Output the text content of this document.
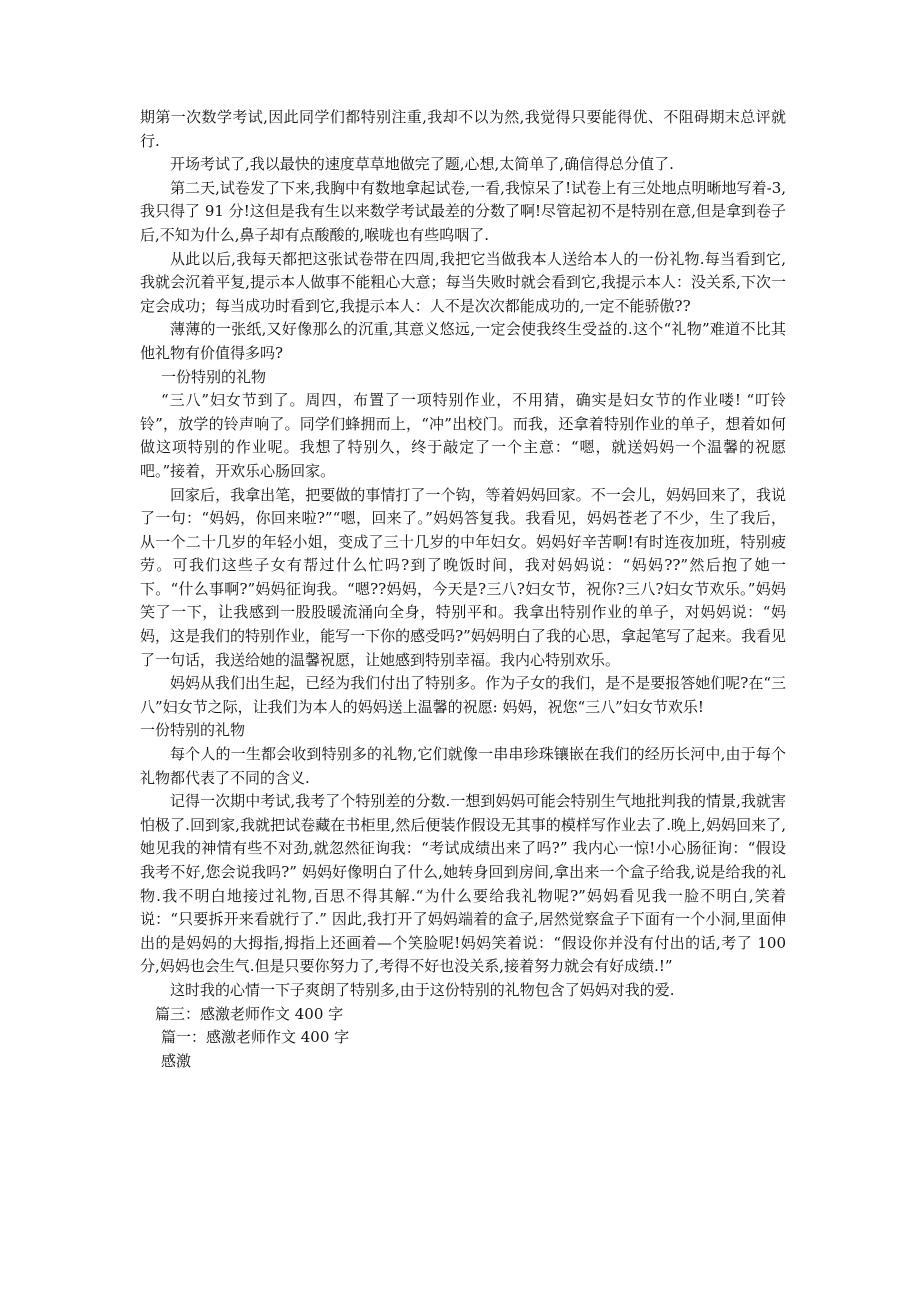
期第一次数学考试,因此同学们都特别注重,我却不以为然,我觉得只要能得优、不阻碍期末总评就行.

开场考试了,我以最快的速度草草地做完了题,心想,太简单了,确信得总分值了.

第二天,试卷发了下来,我胸中有数地拿起试卷,一看,我惊呆了!试卷上有三处地点明晰地写着-3,我只得了 91 分!这但是我有生以来数学考试最差的分数了啊!尽管起初不是特别在意,但是拿到卷子后,不知为什么,鼻子却有点酸酸的,喉咙也有些呜咽了.

从此以后,我每天都把这张试卷带在四周,我把它当做我本人送给本人的一份礼物.每当看到它,我就会沉着平复,提示本人做事不能粗心大意；每当失败时就会看到它,我提示本人：没关系,下次一定会成功；每当成功时看到它,我提示本人：人不是次次都能成功的,一定不能骄傲??

薄薄的一张纸,又好像那么的沉重,其意义悠远,一定会使我终生受益的.这个“礼物”难道不比其他礼物有价值得多吗?

一份特别的礼物

“三八”妇女节到了。周四，布置了一项特别作业，不用猜，确实是妇女节的作业喽! “叮铃铃”，放学的铃声响了。同学们蜂拥而上，“冲”出校门。而我，还拿着特别作业的单子，想着如何做这项特别的作业呢。我想了特别久，终于敲定了一个主意：“嗯，就送妈妈一个温馨的祝愿吧。”接着，开欢乐心肠回家。

回家后，我拿出笔，把要做的事情打了一个钩，等着妈妈回家。不一会儿，妈妈回来了，我说了一句：“妈妈，你回来啦?”“嗯，回来了。”妈妈答复我。我看见，妈妈苍老了不少，生了我后， 从一个二十几岁的年轻小姐，变成了三十几岁的中年妇女。妈妈好辛苦啊!有时连夜加班，特别疲劳。可我们这些子女有帮过什么忙吗?到了晚饭时间，我对妈妈说：“妈妈??”然后抱了她一下。“什么事啊?”妈妈征询我。“嗯??妈妈，今天是?三八?妇女节，祝你?三八?妇女节欢乐。”妈妈笑了一下，让我感到一股股暖流涌向全身，特别平和。我拿出特别作业的单子，对妈妈说：“妈妈，这是我们的特别作业，能写一下你的感受吗?”妈妈明白了我的心思，拿起笔写了起来。我看见了一句话，我送给她的温馨祝愿，让她感到特别幸福。我内心特别欢乐。

妈妈从我们出生起，已经为我们付出了特别多。作为子女的我们，是不是要报答她们呢?在“三八”妇女节之际，让我们为本人的妈妈送上温馨的祝愿: 妈妈，祝您“三八”妇女节欢乐!

一份特别的礼物

每个人的一生都会收到特别多的礼物,它们就像一串串珍珠镶嵌在我们的经历长河中,由于每个礼物都代表了不同的含义.

记得一次期中考试,我考了个特别差的分数.一想到妈妈可能会特别生气地批判我的情景,我就害怕极了.回到家,我就把试卷藏在书柜里,然后便装作假设无其事的模样写作业去了.晚上,妈妈回来了,她见我的神情有些不对劲,就忽然征询我：“考试成绩出来了吗?” 我内心一惊!小心肠征询：“假设我考不好,您会说我吗?” 妈妈好像明白了什么,她转身回到房间,拿出来一个盒子给我,说是给我的礼物.我不明白地接过礼物,百思不得其解.“为什么要给我礼物呢?”妈妈看见我一脸不明白,笑着说：“只要拆开来看就行了.” 因此,我打开了妈妈端着的盒子,居然觉察盒子下面有一个小洞,里面伸出的是妈妈的大拇指,拇指上还画着—个笑脸呢!妈妈笑着说：“假设你并没有付出的话,考了 100 分,妈妈也会生气.但是只要你努力了,考得不好也没关系,接着努力就会有好成绩.!”

这时我的心情一下子爽朗了特别多,由于这份特别的礼物包含了妈妈对我的爱.

篇三：感激老师作文 400 字

篇一：感激老师作文 400 字

感激
